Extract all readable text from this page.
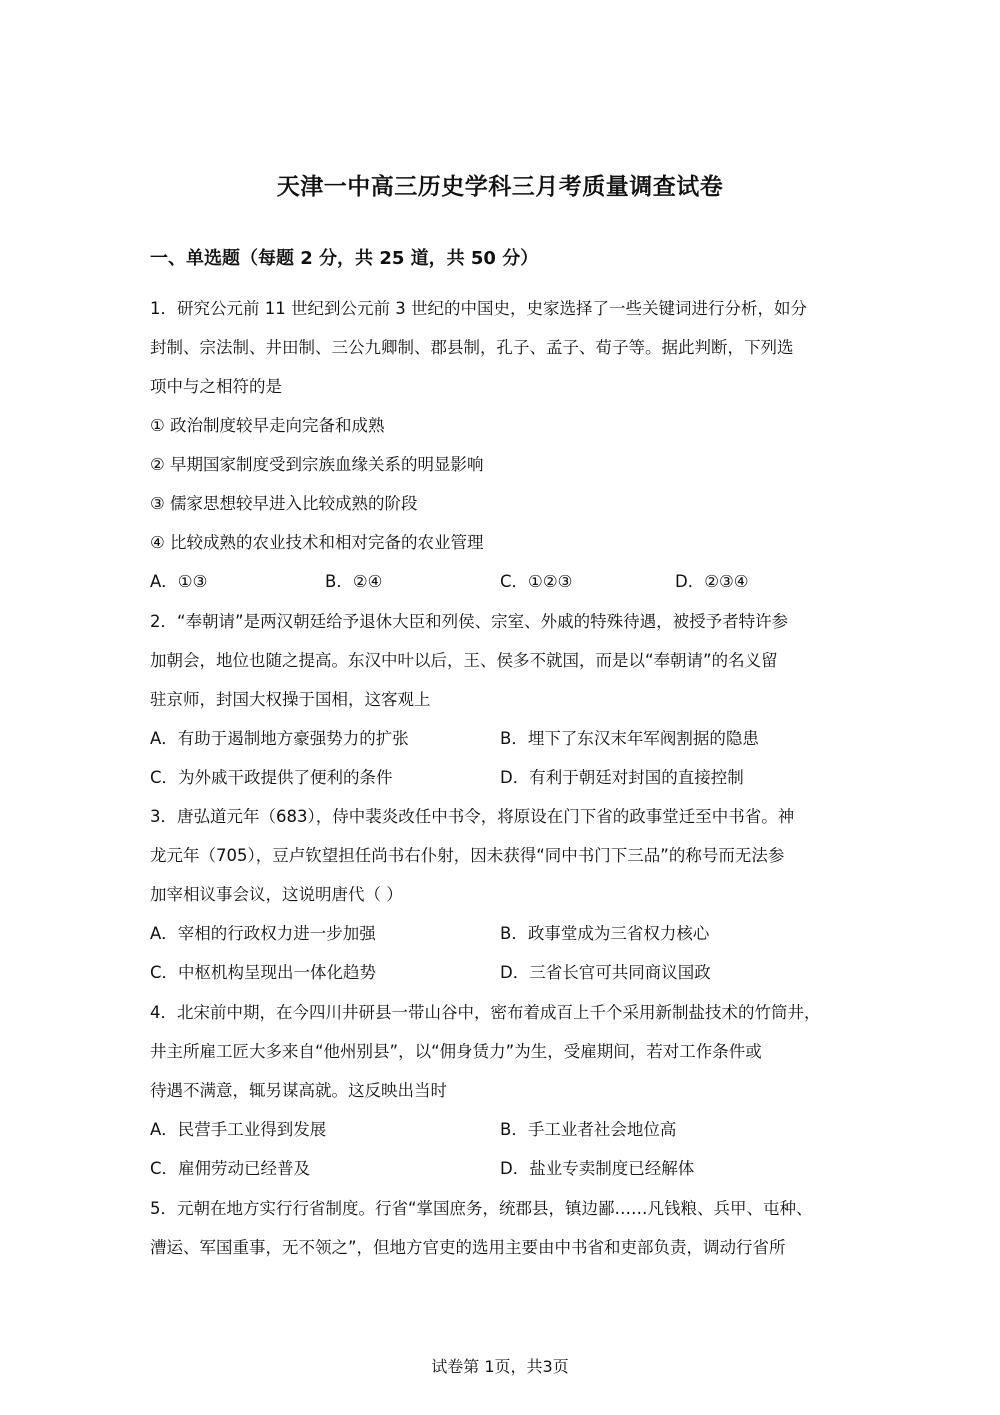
天津一中高三历史学科三月考质量调查试卷
一、单选题（每题 2 分，共 25 道，共 50 分）
1．研究公元前 11 世纪到公元前 3 世纪的中国史，史家选择了一些关键词进行分析，如分
封制、宗法制、井田制、三公九卿制、郡县制，孔子、孟子、荀子等。据此判断，下列选
项中与之相符的是
① 政治制度较早走向完备和成熟
② 早期国家制度受到宗族血缘关系的明显影响
③ 儒家思想较早进入比较成熟的阶段
④ 比较成熟的农业技术和相对完备的农业管理
A．①③	B．②④	C．①②③	D．②③④
2．“奉朝请”是两汉朝廷给予退休大臣和列侯、宗室、外戚的特殊待遇，被授予者特许参
加朝会，地位也随之提高。东汉中叶以后，王、侯多不就国，而是以“奉朝请”的名义留
驻京师，封国大权操于国相，这客观上
A．有助于遏制地方豪强势力的扩张	B．埋下了东汉末年军阀割据的隐患
C．为外戚干政提供了便利的条件	D．有利于朝廷对封国的直接控制
3．唐弘道元年（683），侍中裴炎改任中书令，将原设在门下省的政事堂迁至中书省。神
龙元年（705），豆卢钦望担任尚书右仆射，因未获得“同中书门下三品”的称号而无法参
加宰相议事会议，这说明唐代（ ）
A．宰相的行政权力进一步加强	B．政事堂成为三省权力核心
C．中枢机构呈现出一体化趋势	D．三省长官可共同商议国政
4．北宋前中期，在今四川井研县一带山谷中，密布着成百上千个采用新制盐技术的竹筒井，
井主所雇工匠大多来自“他州别县”，以“佣身赁力”为生，受雇期间，若对工作条件或
待遇不满意，辄另谋高就。这反映出当时
A．民营手工业得到发展	B．手工业者社会地位高
C．雇佣劳动已经普及	D．盐业专卖制度已经解体
5．元朝在地方实行行省制度。行省“掌国庶务，统郡县，镇边鄙……凡钱粮、兵甲、屯种、
漕运、军国重事，无不领之”，但地方官吏的选用主要由中书省和吏部负责，调动行省所
试卷第 1页，共3页
